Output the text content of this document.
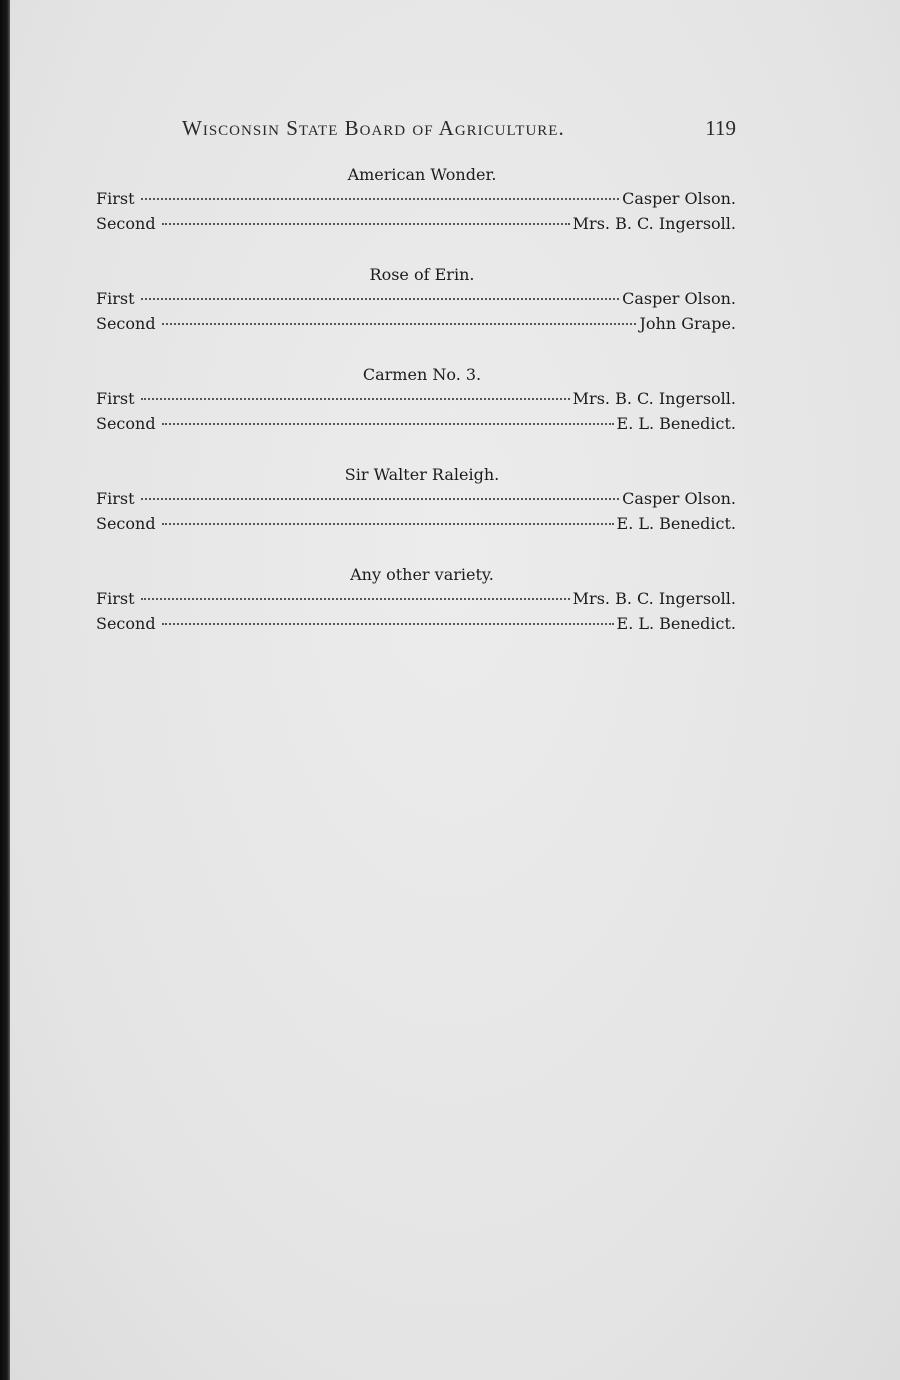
Wisconsin State Board of Agriculture.	119
American Wonder.
First	Casper Olson.
Second	Mrs. B. C. Ingersoll.
Rose of Erin.
First	Casper Olson.
Second	John Grape.
Carmen No. 3.
First	Mrs. B. C. Ingersoll.
Second	E. L. Benedict.
Sir Walter Raleigh.
First	Casper Olson.
Second	E. L. Benedict.
Any other variety.
First	Mrs. B. C. Ingersoll.
Second	E. L. Benedict.
